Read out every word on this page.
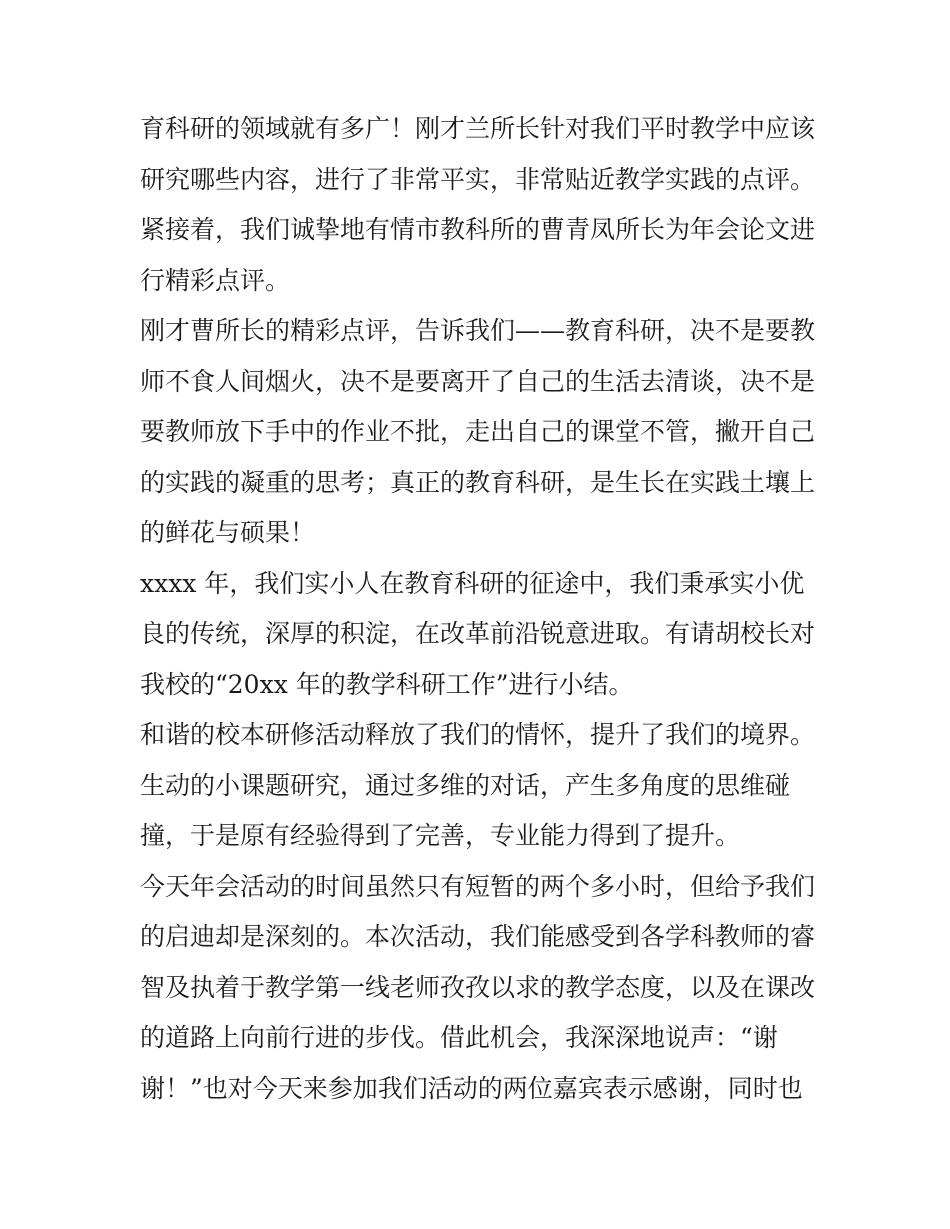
育科研的领域就有多广！刚才兰所长针对我们平时教学中应该
研究哪些内容，进行了非常平实，非常贴近教学实践的点评。
紧接着，我们诚挚地有情市教科所的曹青凤所长为年会论文进
行精彩点评。
刚才曹所长的精彩点评，告诉我们——教育科研，决不是要教
师不食人间烟火，决不是要离开了自己的生活去清谈，决不是
要教师放下手中的作业不批，走出自己的课堂不管，撇开自己
的实践的凝重的思考；真正的教育科研，是生长在实践土壤上
的鲜花与硕果！
xxxx 年，我们实小人在教育科研的征途中，我们秉承实小优
良的传统，深厚的积淀，在改革前沿锐意进取。有请胡校长对
我校的“20xx 年的教学科研工作”进行小结。
和谐的校本研修活动释放了我们的情怀，提升了我们的境界。
生动的小课题研究，通过多维的对话，产生多角度的思维碰
撞，于是原有经验得到了完善，专业能力得到了提升。
今天年会活动的时间虽然只有短暂的两个多小时，但给予我们
的启迪却是深刻的。本次活动，我们能感受到各学科教师的睿
智及执着于教学第一线老师孜孜以求的教学态度，以及在课改
的道路上向前行进的步伐。借此机会，我深深地说声：“谢
谢！”也对今天来参加我们活动的两位嘉宾表示感谢，同时也
